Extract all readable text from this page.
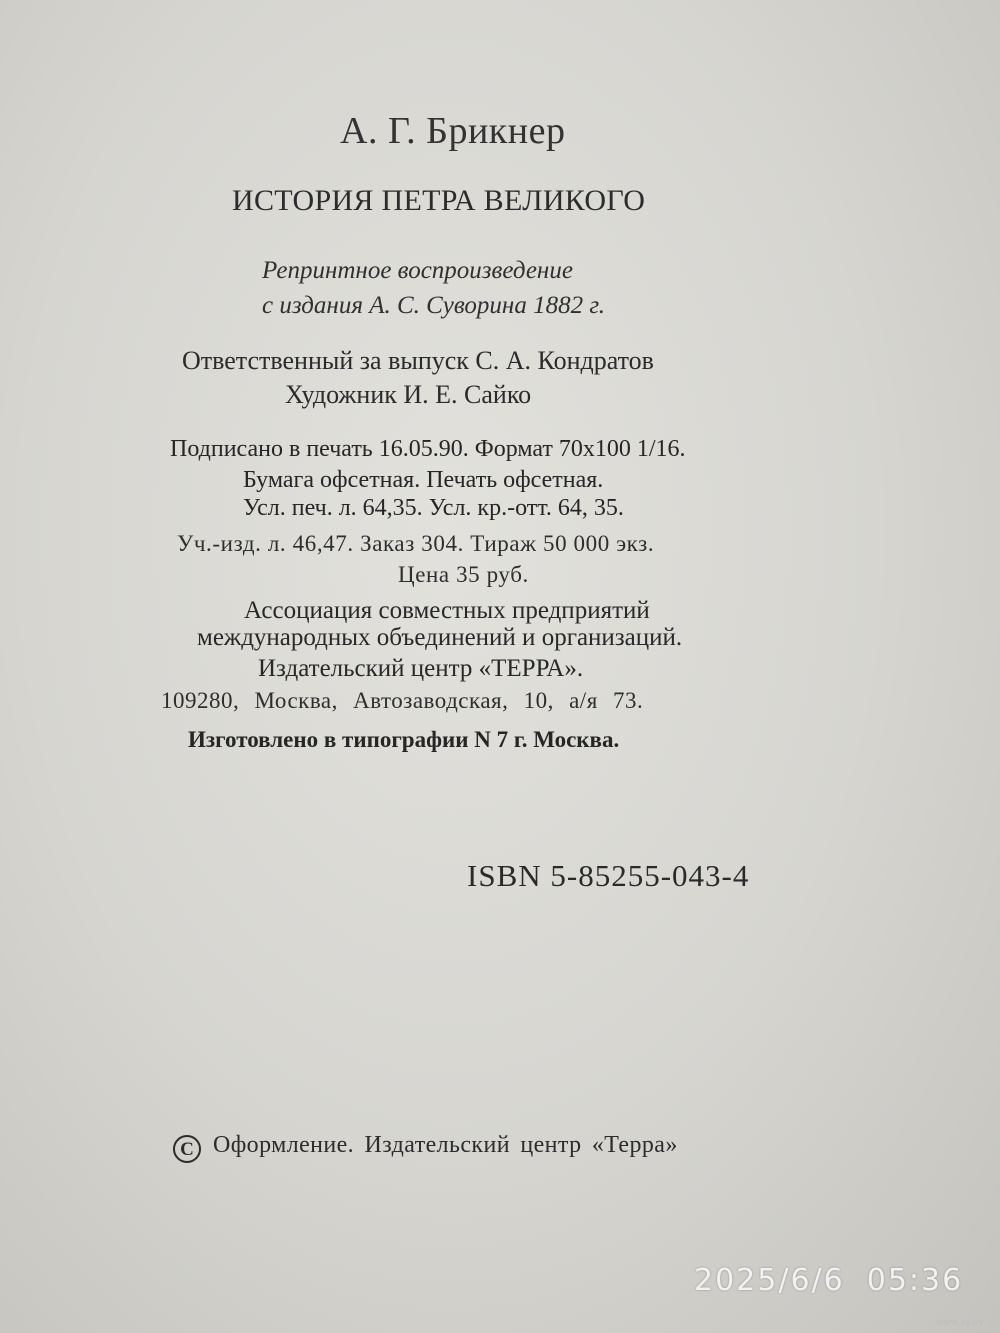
А. Г. Брикнер
ИСТОРИЯ ПЕТРА ВЕЛИКОГО
Репринтное воспроизведение
с издания А. С. Суворина 1882 г.
Ответственный за выпуск С. А. Кондратов
Художник И. Е. Сайко
Подписано в печать 16.05.90. Формат 70x100 1/16.
Бумага офсетная. Печать офсетная.
Усл. печ. л. 64,35. Усл. кр.-отт. 64, 35.
Уч.-изд. л. 46,47. Заказ 304. Тираж 50 000 экз.
Цена 35 руб.
Ассоциация совместных предприятий
международных объединений и организаций.
Издательский центр «ТЕРРА».
109280, Москва, Автозаводская, 10, а/я 73.
Изготовлено в типографии N 7 г. Москва.
ISBN 5-85255-043-4
C Оформление. Издательский центр «Терра»
2025/6/6 05:36
www.ay.by
